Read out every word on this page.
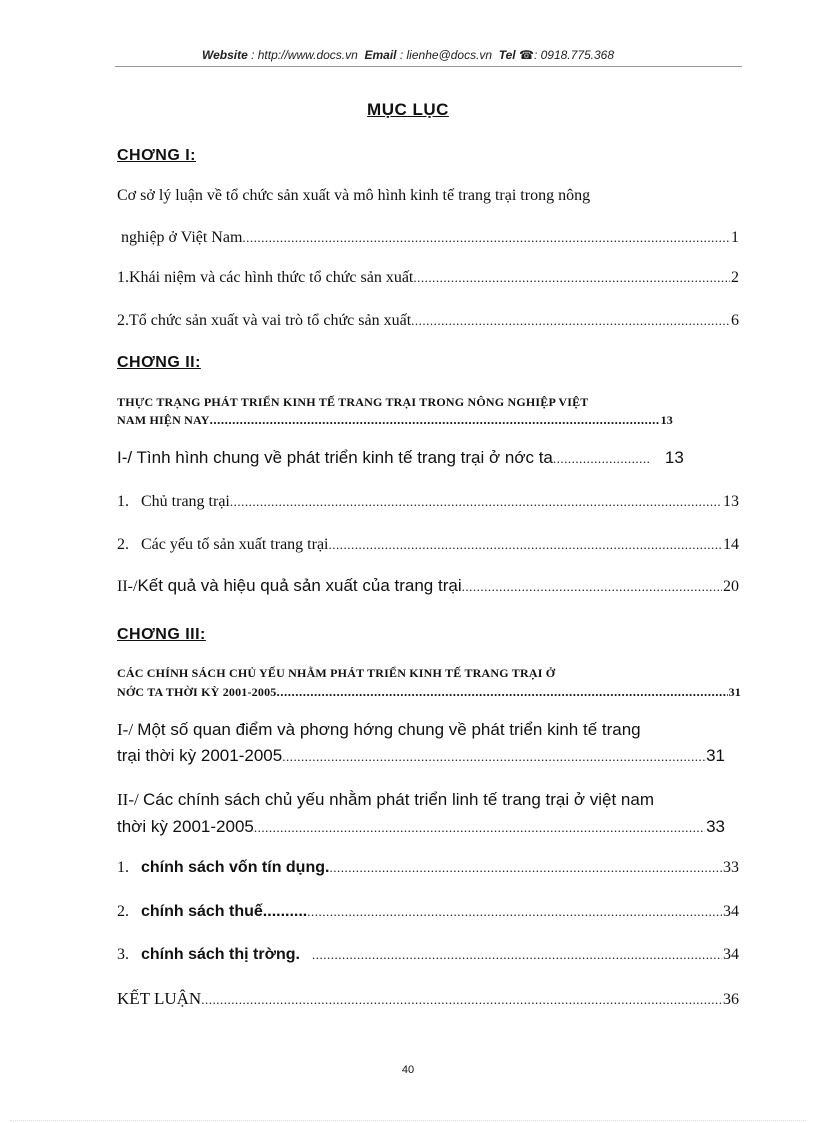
Website : http://www.docs.vn Email : lienhe@docs.vn Tel ☎: 0918.775.368
MỤC LỤC
CHƠNG I:
Cơ sở lý luận về tổ chức sản xuất và mô hình kinh tế trang trại trong nông
nghiệp ở Việt Nam .....	1
1.Khái niệm và các hình thức tổ chức sản xuất .....	2
2.Tổ chức sản xuất và vai trò tổ chức sản xuất .....	6
CHƠNG II:
THỰC TRẠNG PHÁT TRIỂN KINH TẾ TRANG TRẠI TRONG NÔNG NGHIỆP VIỆT
NAM HIỆN NAY .....	13
I-/ Tình hình chung về phát triển kinh tế trang trại ở nớc ta .....	13
1. Chủ trang trại .....	13
2. Các yếu tố sản xuất trang trại .....	14
II-/ Kết quả và hiệu quả sản xuất của trang trại .....	20
CHƠNG III:
CÁC CHÍNH SÁCH CHỦ YẾU NHẰM PHÁT TRIỂN KINH TẾ TRANG TRẠI Ở
NỚC TA THỜI KỲ 2001-2005 .....	31
I-/ Một số quan điểm và phơng hớng chung về phát triển kinh tế trang
trại thời kỳ 2001-2005 .....	31
II-/ Các chính sách chủ yếu nhằm phát triển linh tế trang trại ở việt nam
thời kỳ 2001-2005 .....	33
1. chính sách vốn tín dụng. .....	33
2. chính sách thuế.......... .....	34
3. chính sách thị trờng. .....	34
KẾT LUẬN .....	36
40
